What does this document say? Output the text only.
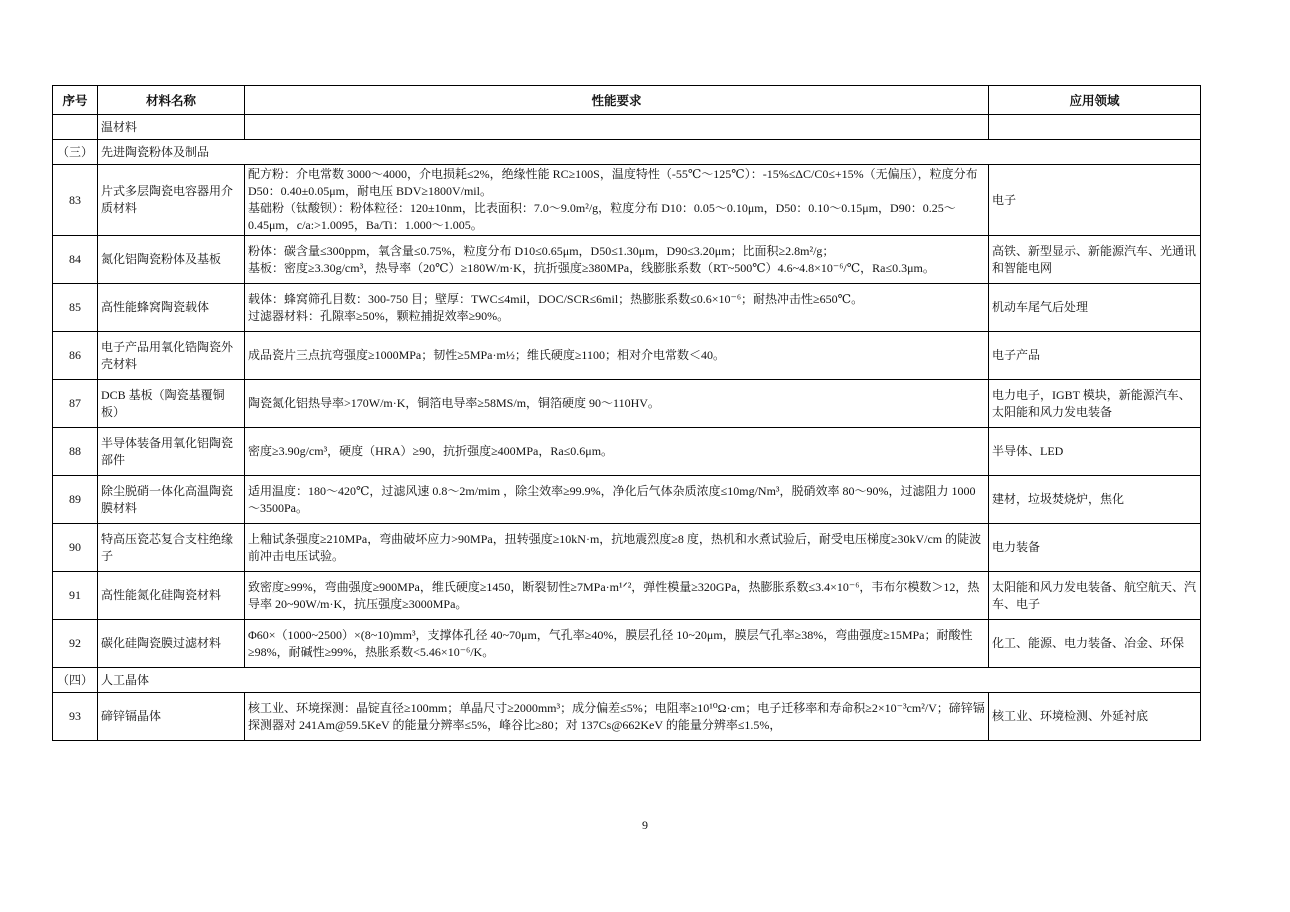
序号	材料名称	性能要求	应用领域
	温材料	

（三）	先进陶瓷粉体及制品		
83	片式多层陶瓷电容器用介质材料	配方粉：介电常数 3000～4000，介电损耗≤2%，绝缘性能 RC≥100S，温度特性（-55℃～125℃）：-15%≤ΔC/C0≤+15%（无偏压），粒度分布 D50：0.40±0.05μm，耐电压 BDV≥1800V/mil。
基础粉（钛酸钡）：粉体粒径：120±10nm，比表面积：7.0～9.0m²/g，粒度分布 D10：0.05～0.10μm，D50：0.10～0.15μm，D90：0.25～0.45μm，c/a:>1.0095，Ba/Ti：1.000～1.005。	电子
84	氮化铝陶瓷粉体及基板	粉体：碳含量≤300ppm，氧含量≤0.75%，粒度分布 D10≤0.65μm，D50≤1.30μm，D90≤3.20μm；比面积≥2.8m²/g；
基板：密度≥3.30g/cm³，热导率（20℃）≥180W/m·K，抗折强度≥380MPa，线膨胀系数（RT~500℃）4.6~4.8×10⁻⁶/℃，Ra≤0.3μm。	高铁、新型显示、新能源汽车、光通讯和智能电网
85	高性能蜂窝陶瓷载体	载体：蜂窝筛孔目数：300-750 目；壁厚：TWC≤4mil，DOC/SCR≤6mil；热膨胀系数≤0.6×10⁻⁶；耐热冲击性≥650℃。
过滤器材料：孔隙率≥50%，颗粒捕捉效率≥90%。	机动车尾气后处理
86	电子产品用氧化锆陶瓷外壳材料	成品瓷片三点抗弯强度≥1000MPa；韧性≥5MPa·m½；维氏硬度≥1100；相对介电常数＜40。	电子产品
87	DCB 基板（陶瓷基覆铜板）	陶瓷氮化铝热导率>170W/m·K，铜箔电导率≥58MS/m，铜箔硬度 90～110HV。	电力电子，IGBT 模块，新能源汽车、太阳能和风力发电装备
88	半导体装备用氧化铝陶瓷部件	密度≥3.90g/cm³，硬度（HRA）≥90，抗折强度≥400MPa，Ra≤0.6μm。	半导体、LED
89	除尘脱硝一体化高温陶瓷膜材料	适用温度：180～420℃，过滤风速 0.8～2m/mim ，除尘效率≥99.9%，净化后气体杂质浓度≤10mg/Nm³，脱硝效率 80～90%，过滤阻力 1000～3500Pa。	建材，垃圾焚烧炉，焦化
90	特高压瓷芯复合支柱绝缘子	上釉试条强度≥210MPa，弯曲破坏应力>90MPa，扭转强度≥10kN·m，抗地震烈度≥8 度，热机和水煮试验后，耐受电压梯度≥30kV/cm 的陡波前冲击电压试验。	电力装备
91	高性能氮化硅陶瓷材料	致密度≥99%，弯曲强度≥900MPa，维氏硬度≥1450，断裂韧性≥7MPa·m¹ᐟ²，弹性模量≥320GPa，热膨胀系数≤3.4×10⁻⁶，韦布尔模数＞12，热导率 20~90W/m·K，抗压强度≥3000MPa。	太阳能和风力发电装备、航空航天、汽车、电子
92	碳化硅陶瓷膜过滤材料	Φ60×（1000~2500）×(8~10)mm³，支撑体孔径 40~70μm，气孔率≥40%，膜层孔径 10~20μm，膜层气孔率≥38%，弯曲强度≥15MPa；耐酸性≥98%，耐碱性≥99%，热胀系数<5.46×10⁻⁶/K。	化工、能源、电力装备、冶金、环保
（四）	人工晶体		
93	碲锌镉晶体	核工业、环境探测：晶锭直径≥100mm；单晶尺寸≥2000mm³；成分偏差≤5%；电阻率≥10¹⁰Ω·cm；电子迁移率和寿命积≥2×10⁻³cm²/V；碲锌镉探测器对 241Am@59.5KeV 的能量分辨率≤5%，峰谷比≥80；对 137Cs@662KeV 的能量分辨率≤1.5%，	核工业、环境检测、外延衬底
9
